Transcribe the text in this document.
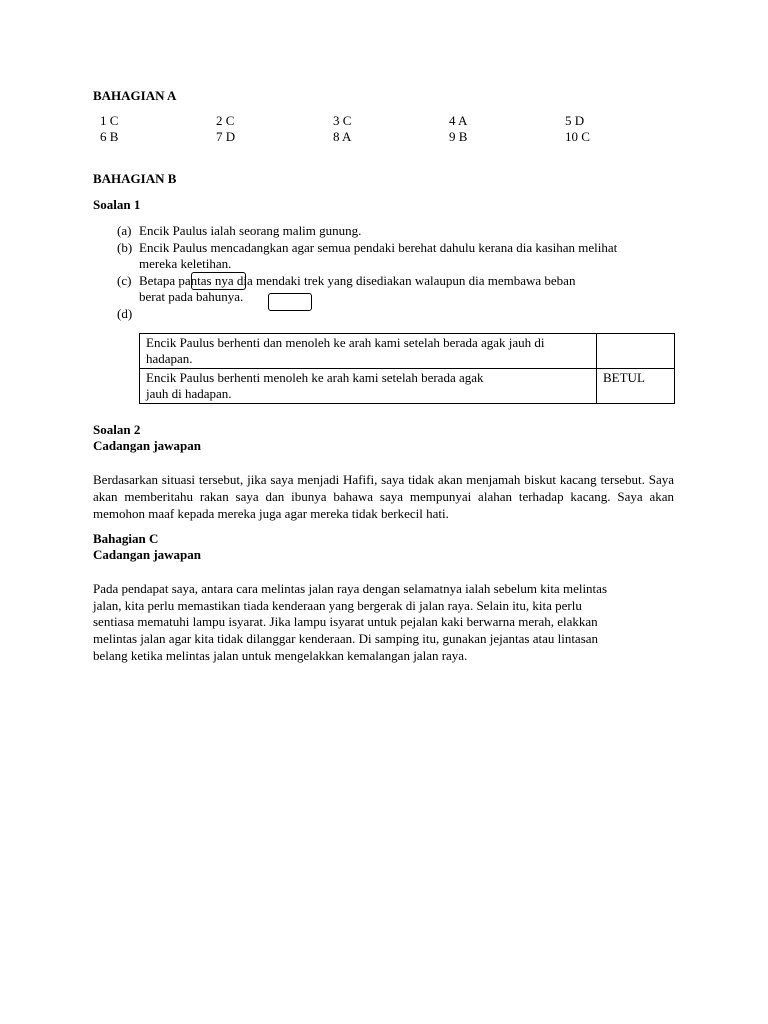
BAHAGIAN A
1 C	2 C	3 C	4 A	5 D
6 B	7 D	8 A	9 B	10 C
BAHAGIAN B
Soalan 1
(a) Encik Paulus ialah seorang malim gunung.
(b) Encik Paulus mencadangkan agar semua pendaki berehat dahulu kerana dia kasihan melihat
mereka keletihan.
(c) Betapa pantas nya dia mendaki trek yang disediakan walaupun dia membawa beban
berat pada bahunya.
(d)
Encik Paulus berhenti dan menoleh ke arah kami setelah berada agak jauh di
hadapan.	
Encik Paulus berhenti menoleh ke arah kami setelah berada agak
jauh di hadapan.	BETUL
Soalan 2
Cadangan jawapan
Berdasarkan situasi tersebut, jika saya menjadi Hafifi, saya tidak akan menjamah biskut kacang tersebut. Saya akan memberitahu rakan saya dan ibunya bahawa saya mempunyai alahan terhadap kacang. Saya akan memohon maaf kepada mereka juga agar mereka tidak berkecil hati.
Bahagian C
Cadangan jawapan
Pada pendapat saya, antara cara melintas jalan raya dengan selamatnya ialah sebelum kita melintas
jalan, kita perlu memastikan tiada kenderaan yang bergerak di jalan raya. Selain itu, kita perlu
sentiasa mematuhi lampu isyarat. Jika lampu isyarat untuk pejalan kaki berwarna merah, elakkan
melintas jalan agar kita tidak dilanggar kenderaan. Di samping itu, gunakan jejantas atau lintasan
belang ketika melintas jalan untuk mengelakkan kemalangan jalan raya.
